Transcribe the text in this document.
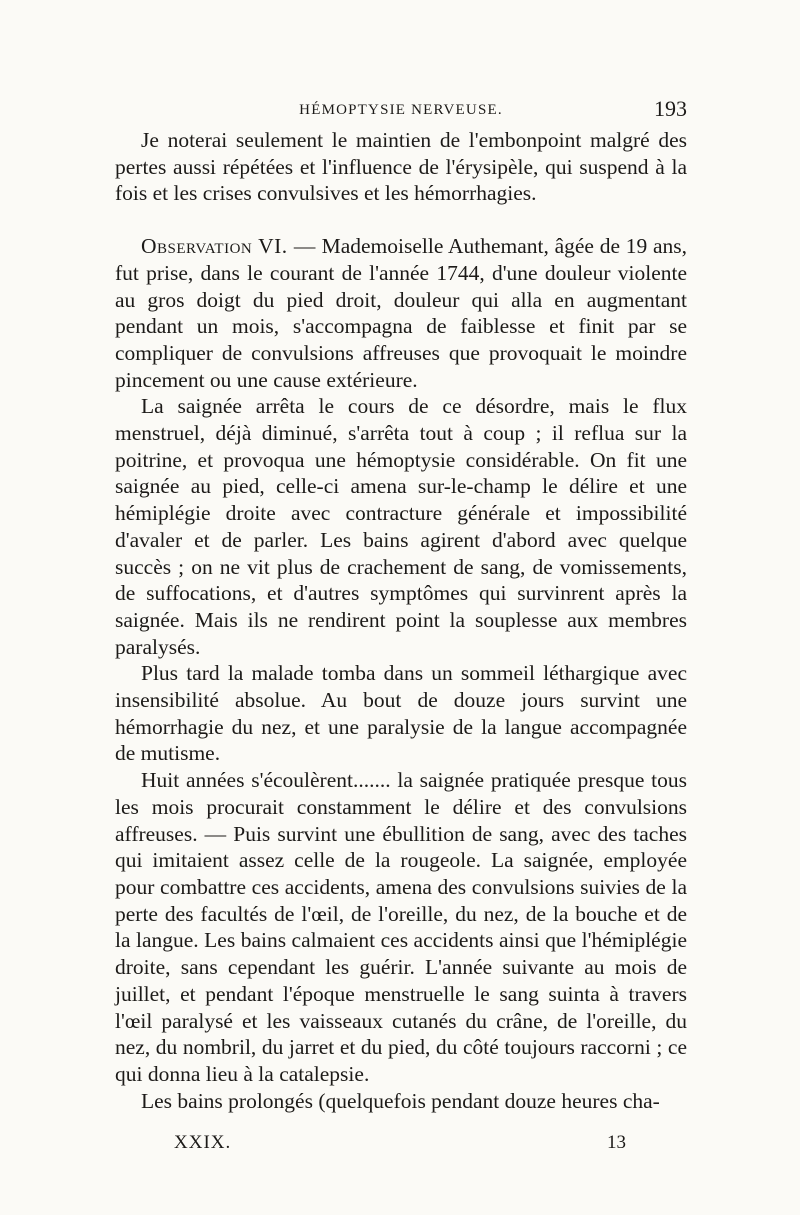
HÉMOPTYSIE NERVEUSE.	193

Je noterai seulement le maintien de l'embonpoint malgré des pertes aussi répétées et l'influence de l'érysipèle, qui suspend à la fois et les crises convulsives et les hémorrhagies.

Observation VI. — Mademoiselle Authemant, âgée de 19 ans, fut prise, dans le courant de l'année 1744, d'une douleur violente au gros doigt du pied droit, douleur qui alla en augmentant pendant un mois, s'accompagna de faiblesse et finit par se compliquer de convulsions affreuses que provoquait le moindre pincement ou une cause extérieure.

La saignée arrêta le cours de ce désordre, mais le flux menstruel, déjà diminué, s'arrêta tout à coup ; il reflua sur la poitrine, et provoqua une hémoptysie considérable. On fit une saignée au pied, celle-ci amena sur-le-champ le délire et une hémiplégie droite avec contracture générale et impossibilité d'avaler et de parler. Les bains agirent d'abord avec quelque succès ; on ne vit plus de crachement de sang, de vomissements, de suffocations, et d'autres symptômes qui survinrent après la saignée. Mais ils ne rendirent point la souplesse aux membres paralysés.

Plus tard la malade tomba dans un sommeil léthargique avec insensibilité absolue. Au bout de douze jours survint une hémorrhagie du nez, et une paralysie de la langue accompagnée de mutisme.

Huit années s'écoulèrent....... la saignée pratiquée presque tous les mois procurait constamment le délire et des convulsions affreuses. — Puis survint une ébullition de sang, avec des taches qui imitaient assez celle de la rougeole. La saignée, employée pour combattre ces accidents, amena des convulsions suivies de la perte des facultés de l'œil, de l'oreille, du nez, de la bouche et de la langue. Les bains calmaient ces accidents ainsi que l'hémiplégie droite, sans cependant les guérir. L'année suivante au mois de juillet, et pendant l'époque menstruelle le sang suinta à travers l'œil paralysé et les vaisseaux cutanés du crâne, de l'oreille, du nez, du nombril, du jarret et du pied, du côté toujours raccorni ; ce qui donna lieu à la catalepsie.

Les bains prolongés (quelquefois pendant douze heures cha-

XXIX.	13
